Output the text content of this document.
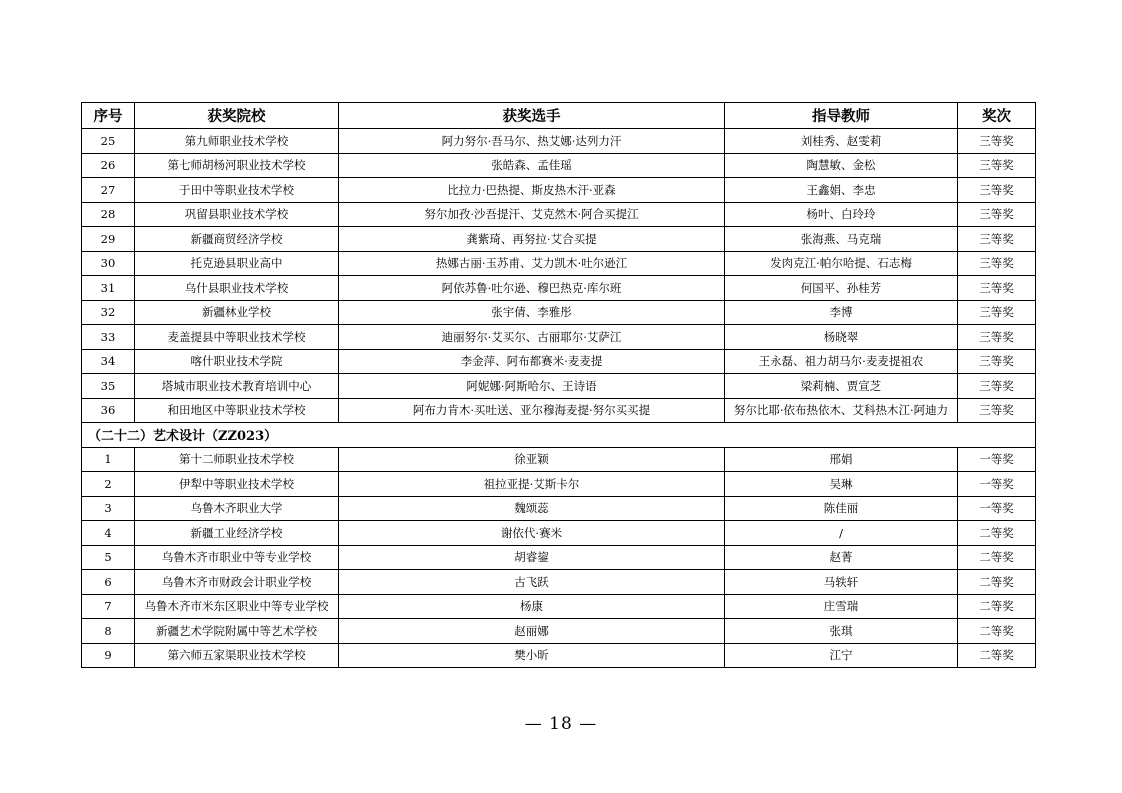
序号	获奖院校	获奖选手	指导教师	奖次
25	第九师职业技术学校	阿力努尔·吾马尔、热艾娜·达列力汗	刘桂秀、赵雯莉	三等奖
26	第七师胡杨河职业技术学校	张皓森、孟佳瑶	陶慧敏、金松	三等奖
27	于田中等职业技术学校	比拉力·巴热提、斯皮热木汗·亚森	王鑫娟、李忠	三等奖
28	巩留县职业技术学校	努尔加孜·沙吾提汗、艾克然木·阿合买提江	杨叶、白玲玲	三等奖
29	新疆商贸经济学校	龚紫琦、再努拉·艾合买提	张海燕、马克瑞	三等奖
30	托克逊县职业高中	热娜古丽·玉苏甫、艾力凯木·吐尔逊江	发肉克江·帕尔哈提、石志梅	三等奖
31	乌什县职业技术学校	阿依苏鲁·吐尔逊、穆巴热克·库尔班	何国平、孙桂芳	三等奖
32	新疆林业学校	张宇倩、李雅彤	李博	三等奖
33	麦盖提县中等职业技术学校	迪丽努尔·艾买尔、古丽耶尔·艾萨江	杨晓翠	三等奖
34	喀什职业技术学院	李金萍、阿布都赛米·麦麦提	王永磊、祖力胡马尔·麦麦提祖农	三等奖
35	塔城市职业技术教育培训中心	阿妮娜·阿斯哈尔、王诗语	梁莉楠、贾宣芝	三等奖
36	和田地区中等职业技术学校	阿布力肯木·买吐送、亚尔穆海麦提·努尔买买提	努尔比耶·依布热依木、艾科热木江·阿迪力	三等奖
（二十二）艺术设计（ZZ023）				
1	第十二师职业技术学校	徐亚颖	邢娟	一等奖
2	伊犁中等职业技术学校	祖拉亚提·艾斯卡尔	吴琳	一等奖
3	乌鲁木齐职业大学	魏颂蕊	陈佳丽	一等奖
4	新疆工业经济学校	谢依代·赛米	/	二等奖
5	乌鲁木齐市职业中等专业学校	胡睿鋆	赵菁	二等奖
6	乌鲁木齐市财政会计职业学校	古飞跃	马轶轩	二等奖
7	乌鲁木齐市米东区职业中等专业学校	杨康	庄雪瑞	二等奖
8	新疆艺术学院附属中等艺术学校	赵丽娜	张琪	二等奖
9	第六师五家渠职业技术学校	樊小昕	江宁	二等奖
— 18 —
